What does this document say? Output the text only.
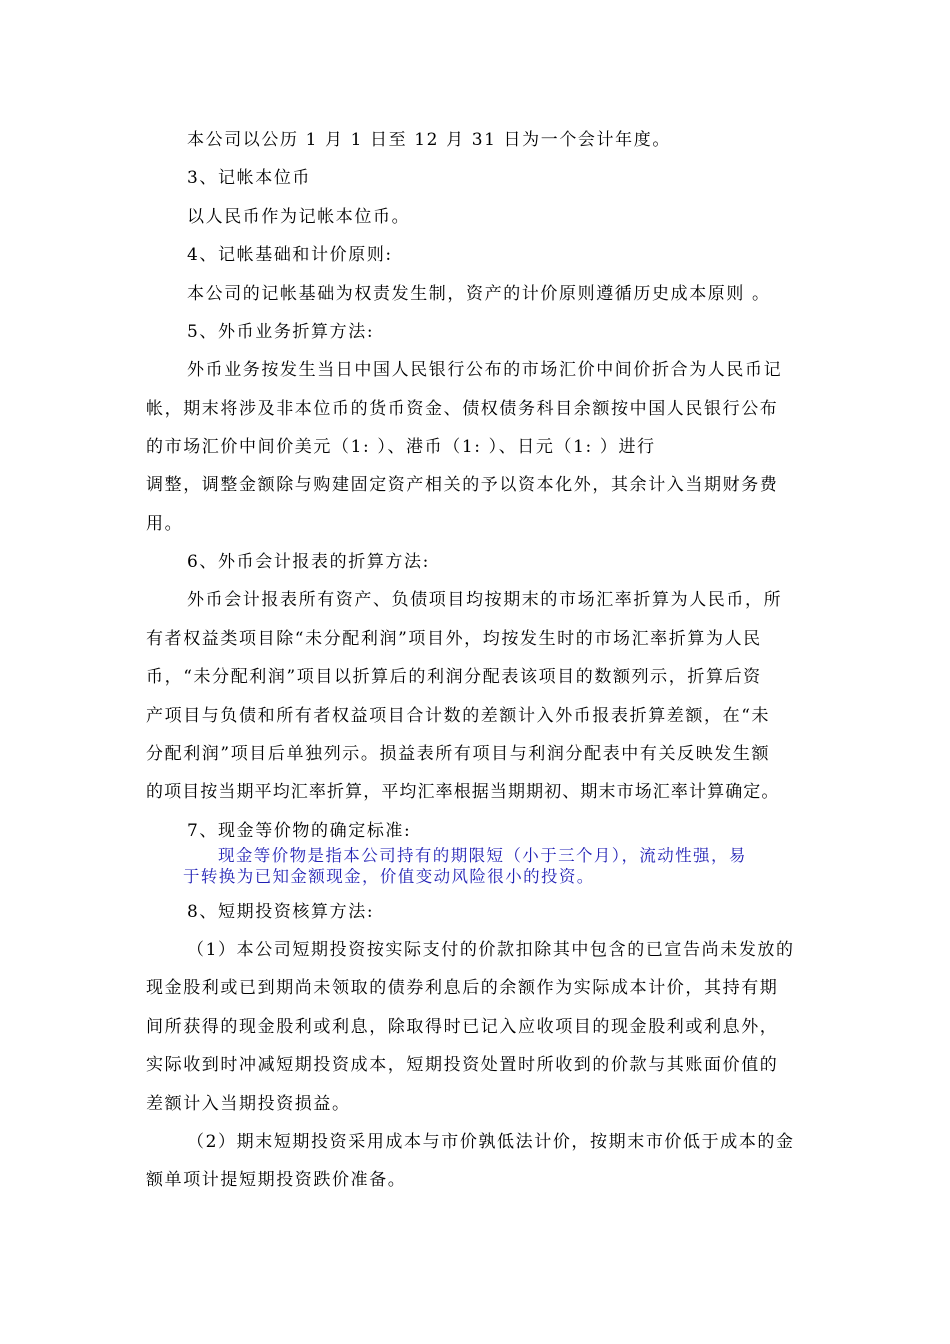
本公司以公历 1 月 1 日至 12 月 31 日为一个会计年度。
3、记帐本位币
以人民币作为记帐本位币。
4、记帐基础和计价原则:
本公司的记帐基础为权责发生制，资产的计价原则遵循历史成本原则 。
5、外币业务折算方法:
外币业务按发生当日中国人民银行公布的市场汇价中间价折合为人民币记
帐，期末将涉及非本位币的货币资金、债权债务科目余额按中国人民银行公布
的市场汇价中间价美元（1: ）、港币（1: ）、日元（1: ）进行
调整，调整金额除与购建固定资产相关的予以资本化外，其余计入当期财务费
用。
6、外币会计报表的折算方法:
外币会计报表所有资产、负债项目均按期末的市场汇率折算为人民币，所
有者权益类项目除“未分配利润”项目外，均按发生时的市场汇率折算为人民
币，“未分配利润”项目以折算后的利润分配表该项目的数额列示，折算后资
产项目与负债和所有者权益项目合计数的差额计入外币报表折算差额，在“未
分配利润”项目后单独列示。损益表所有项目与利润分配表中有关反映发生额
的项目按当期平均汇率折算，平均汇率根据当期期初、期末市场汇率计算确定。
7、现金等价物的确定标准:
现金等价物是指本公司持有的期限短（小于三个月），流动性强，易
于转换为已知金额现金，价值变动风险很小的投资。
8、短期投资核算方法:
（1）本公司短期投资按实际支付的价款扣除其中包含的已宣告尚未发放的
现金股利或已到期尚未领取的债券利息后的余额作为实际成本计价，其持有期
间所获得的现金股利或利息，除取得时已记入应收项目的现金股利或利息外，
实际收到时冲减短期投资成本，短期投资处置时所收到的价款与其账面价值的
差额计入当期投资损益。
（2）期末短期投资采用成本与市价孰低法计价，按期末市价低于成本的金
额单项计提短期投资跌价准备。
